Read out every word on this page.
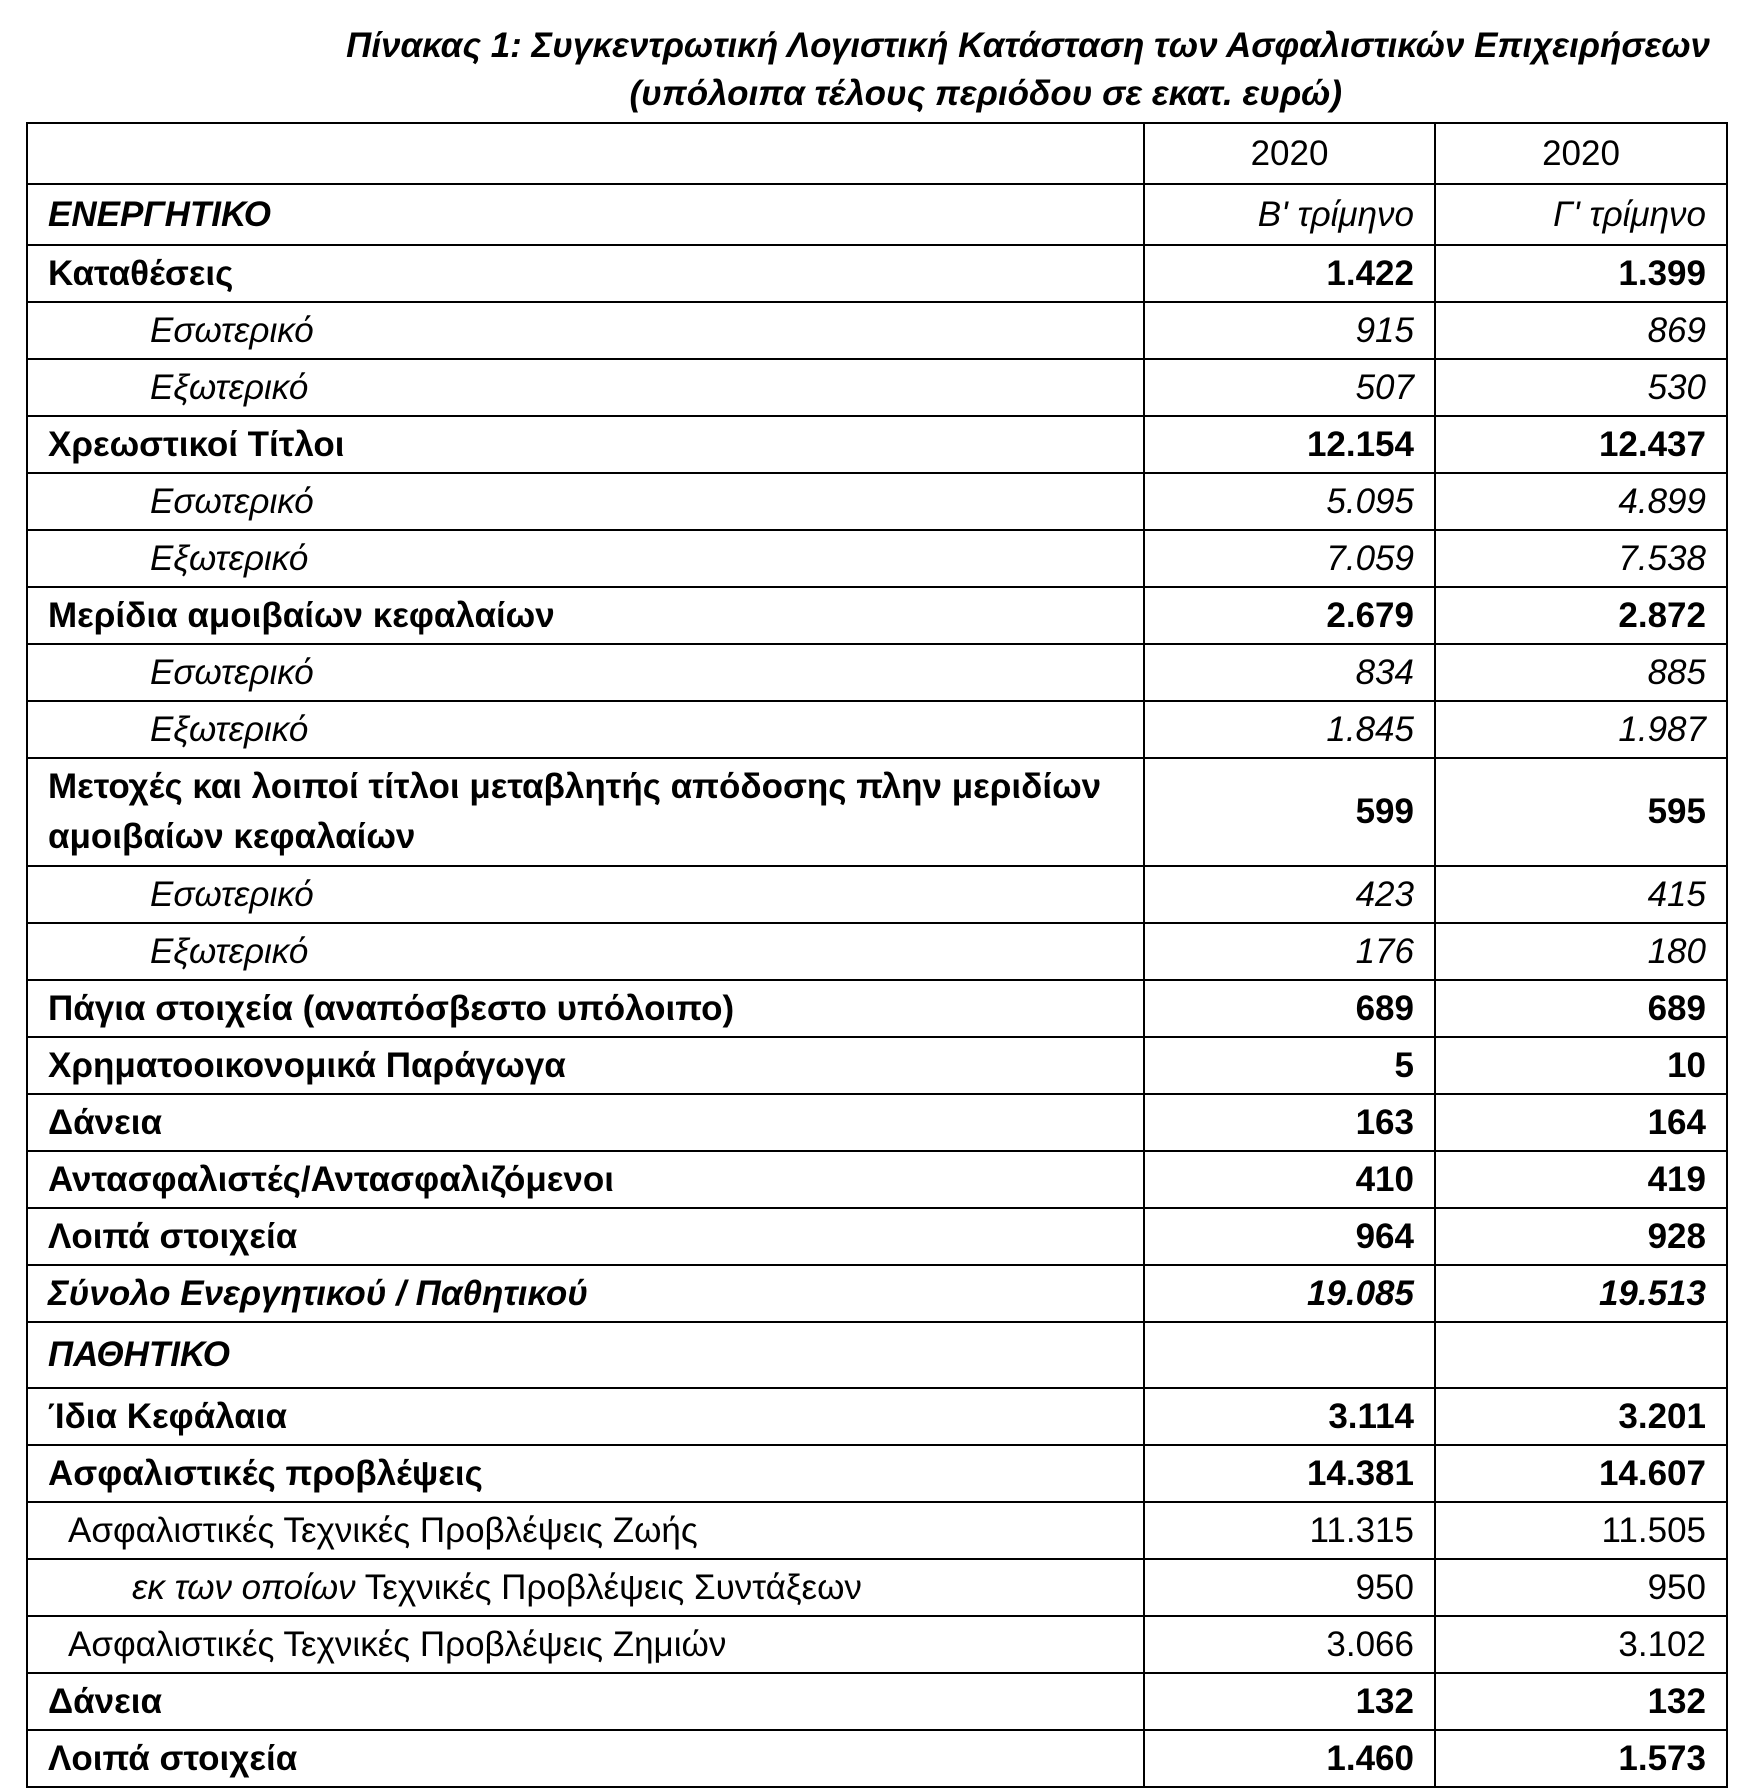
Πίνακας 1: Συγκεντρωτική Λογιστική Κατάσταση των Ασφαλιστικών Επιχειρήσεων
(υπόλοιπα τέλους περιόδου σε εκατ. ευρώ)
	2020	2020
ΕΝΕΡΓΗΤΙΚΟ	Β' τρίμηνο	Γ' τρίμηνο
Καταθέσεις	1.422	1.399
Εσωτερικό	915	869
Εξωτερικό	507	530
Χρεωστικοί Τίτλοι	12.154	12.437
Εσωτερικό	5.095	4.899
Εξωτερικό	7.059	7.538
Μερίδια αμοιβαίων κεφαλαίων	2.679	2.872
Εσωτερικό	834	885
Εξωτερικό	1.845	1.987
Μετοχές και λοιποί τίτλοι μεταβλητής απόδοσης πλην μεριδίων αμοιβαίων κεφαλαίων	599	595
Εσωτερικό	423	415
Εξωτερικό	176	180
Πάγια στοιχεία (αναπόσβεστο υπόλοιπο)	689	689
Χρηματοοικονομικά Παράγωγα	5	10
Δάνεια	163	164
Αντασφαλιστές/Αντασφαλιζόμενοι	410	419
Λοιπά στοιχεία	964	928
Σύνολο Ενεργητικού / Παθητικού	19.085	19.513
ΠΑΘΗΤΙΚΟ		
Ίδια Κεφάλαια	3.114	3.201
Ασφαλιστικές προβλέψεις	14.381	14.607
Ασφαλιστικές Τεχνικές Προβλέψεις Ζωής	11.315	11.505
εκ των οποίων Τεχνικές Προβλέψεις Συντάξεων	950	950
Ασφαλιστικές Τεχνικές Προβλέψεις Ζημιών	3.066	3.102
Δάνεια	132	132
Λοιπά στοιχεία	1.460	1.573
